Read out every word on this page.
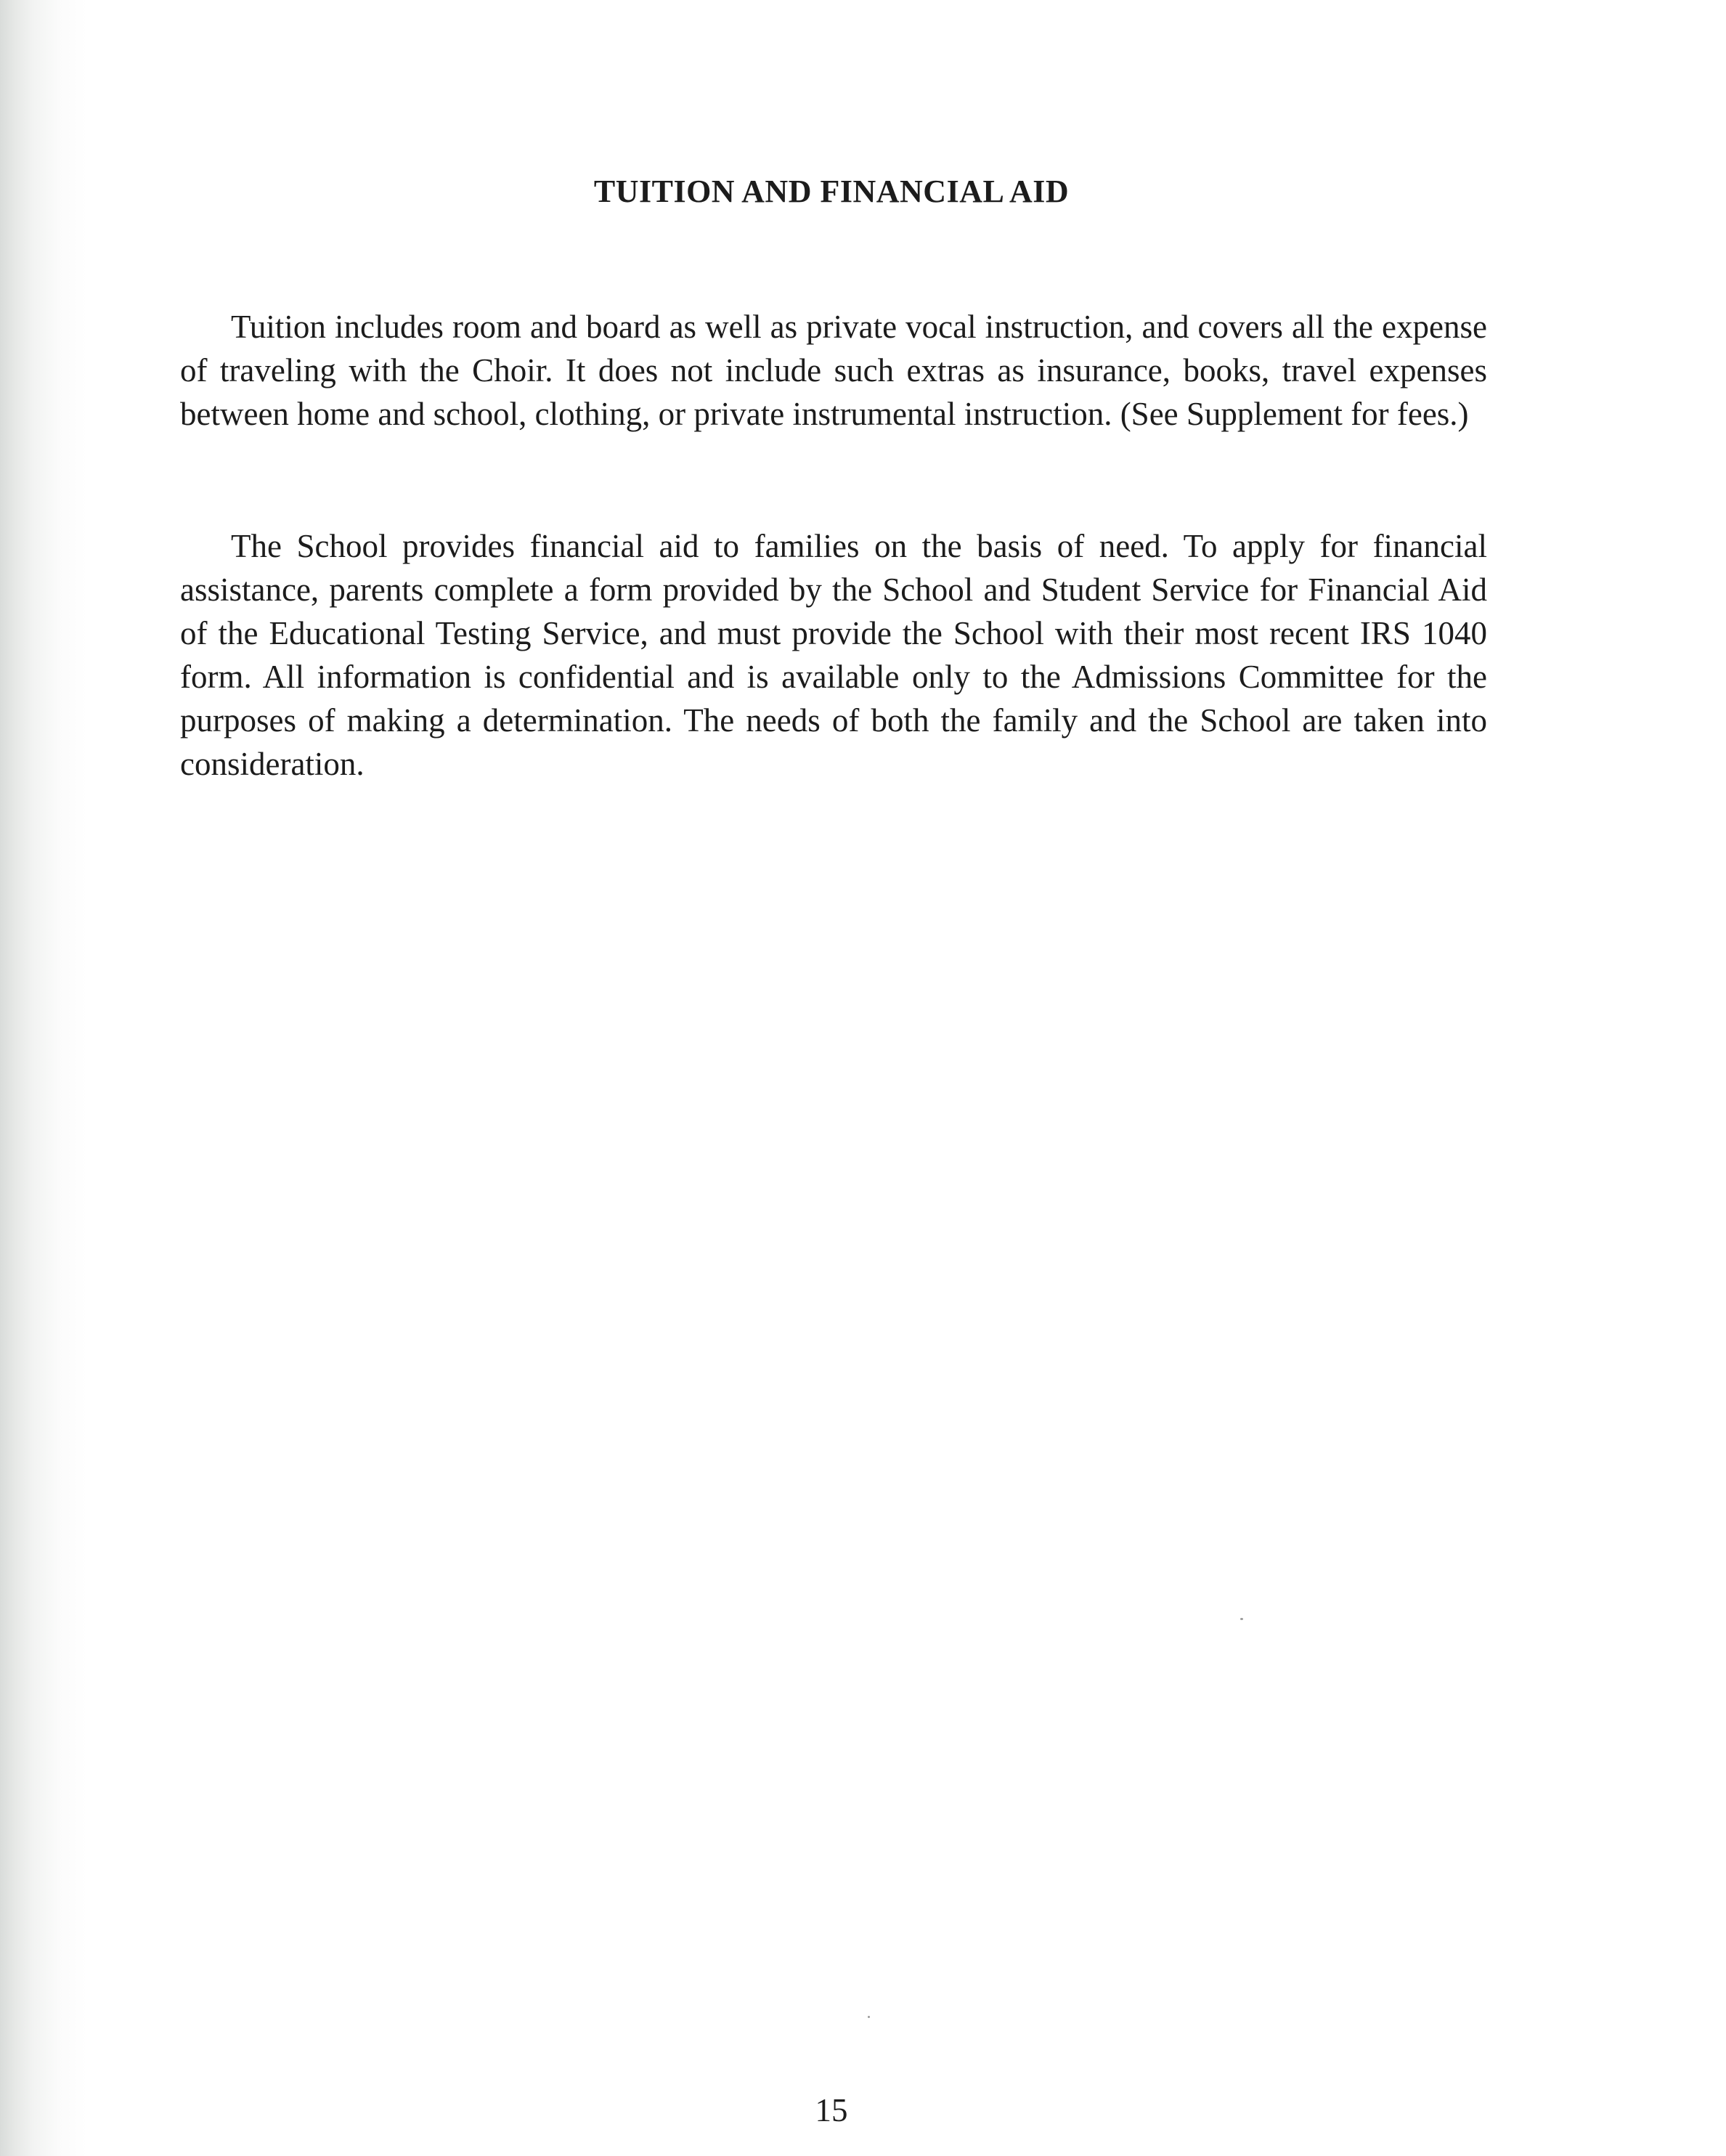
TUITION AND FINANCIAL AID

Tuition includes room and board as well as private vocal instruction, and covers all the expense of traveling with the Choir. It does not include such extras as insurance, books, travel expenses between home and school, clothing, or private instrumental instruction. (See Supplement for fees.)

The School provides financial aid to families on the basis of need. To apply for financial assistance, parents complete a form provided by the School and Student Service for Financial Aid of the Educational Testing Service, and must provide the School with their most recent IRS 1040 form. All information is confidential and is available only to the Admissions Committee for the purposes of making a determination. The needs of both the family and the School are taken into consideration.

15
